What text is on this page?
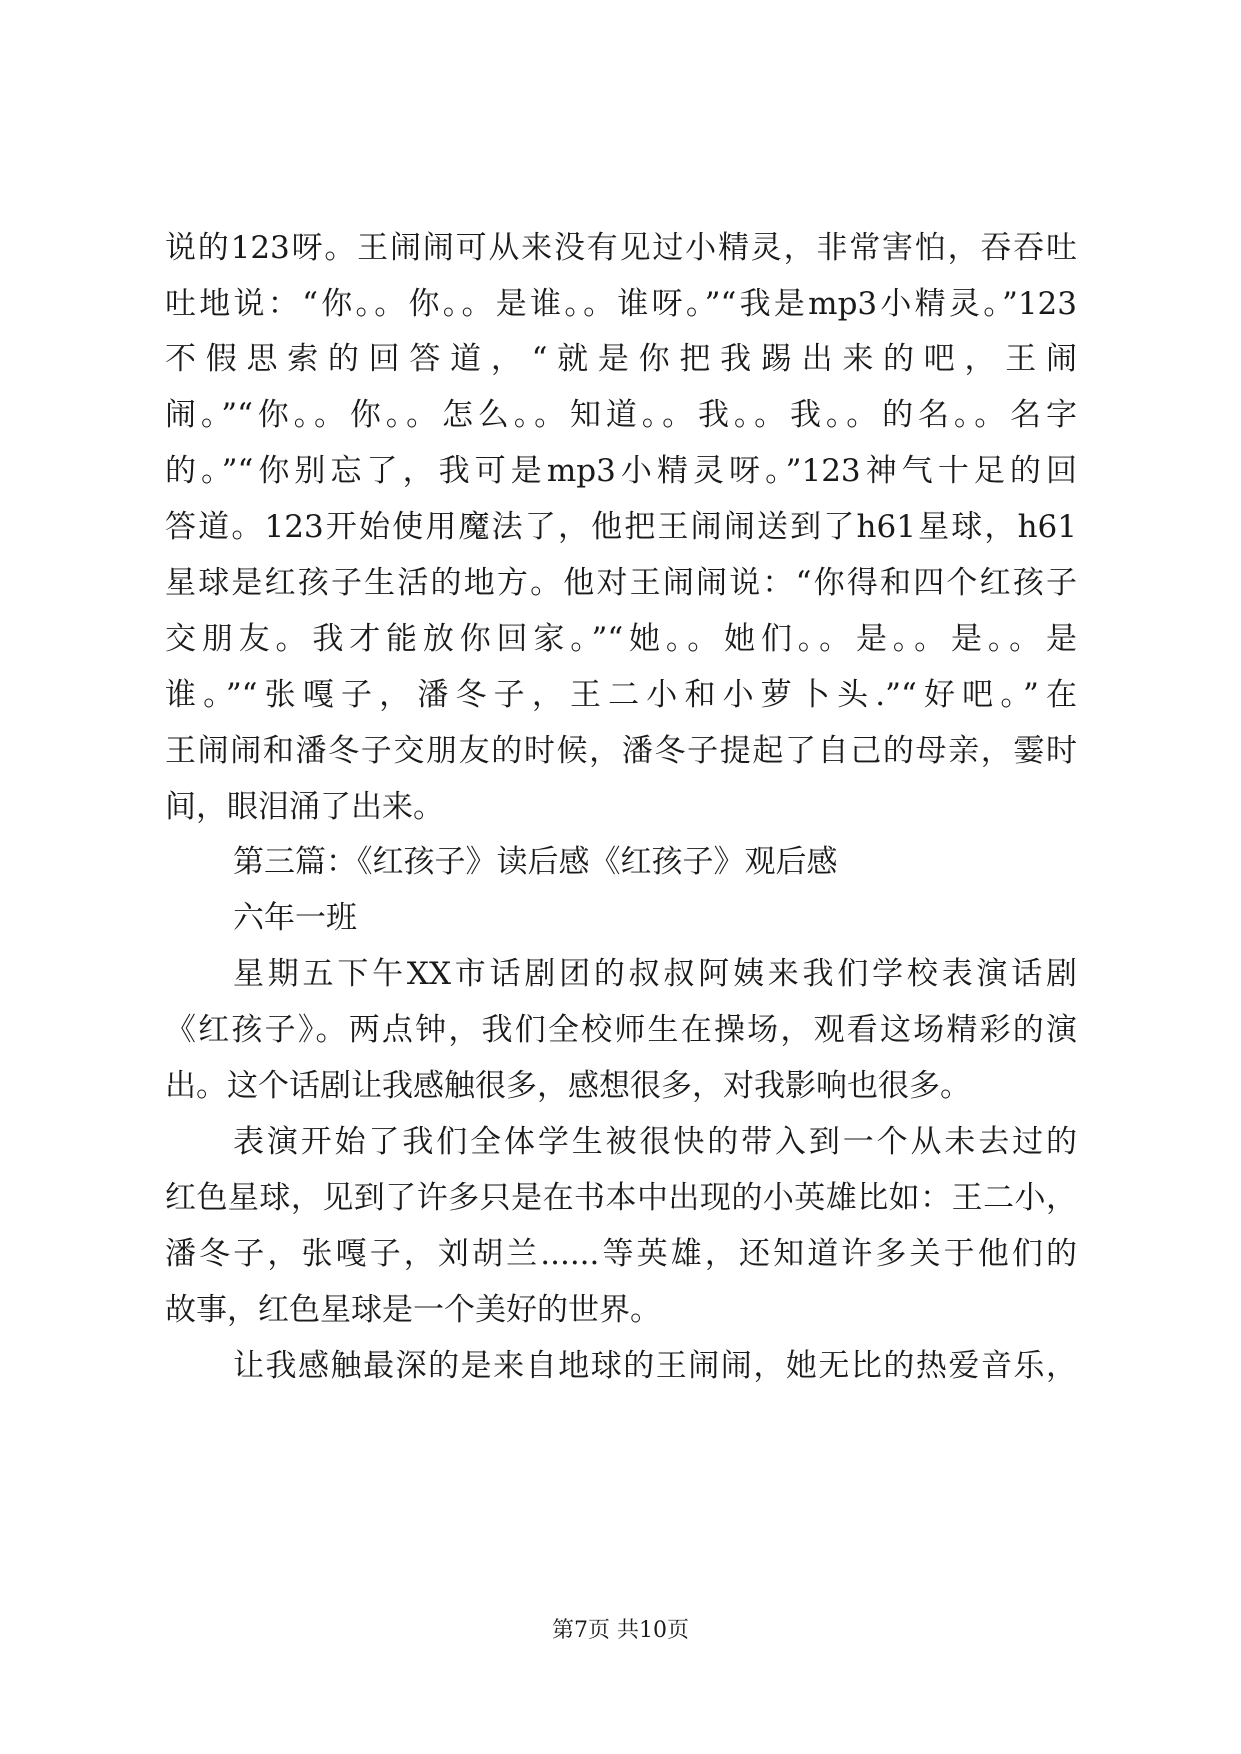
说的123呀。王闹闹可从来没有见过小精灵，非常害怕，吞吞吐
吐地说：“你。。你。。是谁。。谁呀。”“我是mp3小精灵。”123
不假思索的回答道，“就是你把我踢出来的吧，王闹
闹。”“你。。你。。怎么。。知道。。我。。我。。的名。。名字
的。”“你别忘了，我可是mp3小精灵呀。”123神气十足的回
答道。123开始使用魔法了，他把王闹闹送到了h61星球，h61
星球是红孩子生活的地方。他对王闹闹说：“你得和四个红孩子
交朋友。我才能放你回家。”“她。。她们。。是。。是。。是
谁。”“张嘎子，潘冬子，王二小和小萝卜头.”“好吧。”在
王闹闹和潘冬子交朋友的时候，潘冬子提起了自己的母亲，霎时
间，眼泪涌了出来。
第三篇：《红孩子》读后感《红孩子》观后感
六年一班
星期五下午XX市话剧团的叔叔阿姨来我们学校表演话剧
《红孩子》。两点钟，我们全校师生在操场，观看这场精彩的演
出。这个话剧让我感触很多，感想很多，对我影响也很多。
表演开始了我们全体学生被很快的带入到一个从未去过的
红色星球，见到了许多只是在书本中出现的小英雄比如：王二小，
潘冬子，张嘎子，刘胡兰......等英雄，还知道许多关于他们的
故事，红色星球是一个美好的世界。
让我感触最深的是来自地球的王闹闹，她无比的热爱音乐，
第7页 共10页
